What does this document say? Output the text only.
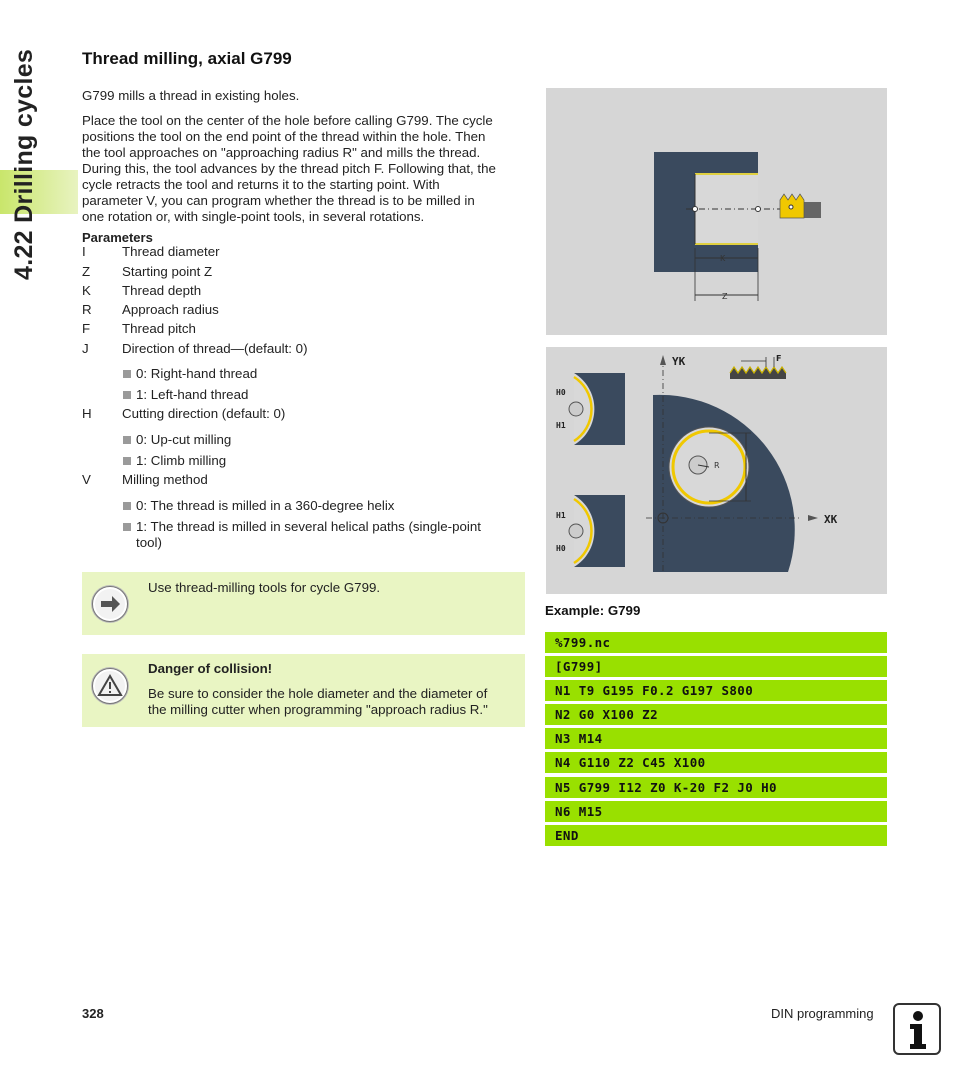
4.22 Drilling cycles	Thread milling, axial G799
G799 mills a thread in existing holes.
Place the tool on the center of the hole before calling G799. The cycle
positions the tool on the end point of the thread within the hole. Then
the tool approaches on "approaching radius R" and mills the thread.
During this, the tool advances by the thread pitch F. Following that, the
cycle retracts the tool and returns it to the starting point. With
parameter V, you can program whether the thread is to be milled in
one rotation or, with single-point tools, in several rotations.
Parameters
I	Thread diameter
Z Starting point Z
K Thread depth
R Approach radius
F Thread pitch
J	Direction of thread—(default: 0)
0: Right-hand thread
1: Left-hand thread
H Cutting direction (default: 0)
0: Up-cut milling
1: Climb milling
V Milling method
0: The thread is milled in a 360-degree helix
1: The thread is milled in several helical paths (single-point
tool)
Use thread-milling tools for cycle G799.
Danger of collision!
Be sure to consider the hole diameter and the diameter of
the milling cutter when programming "approach radius R."
K
Z
H0
H1
H1
H0
I
R
YK
XK
F
Example: G799
%799.nc
[G799]
N1 T9 G195 F0.2 G197 S800
N2 G0 X100 Z2
N3 M14
N4 G110 Z2 C45 X100
N5 G799 I12 Z0 K-20 F2 J0 H0
N6 M15
END
328	DIN programming
